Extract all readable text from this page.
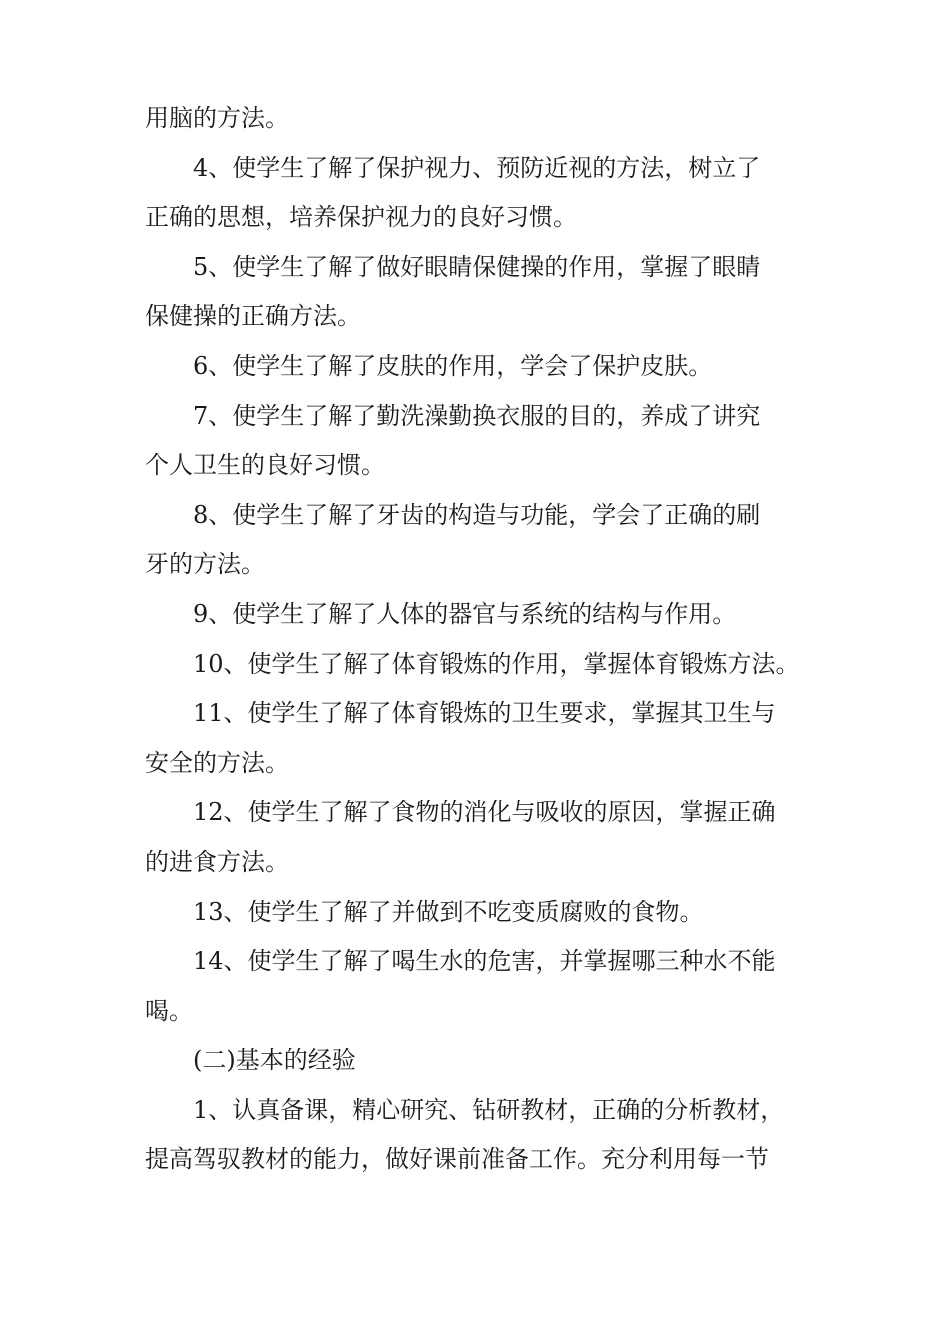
用脑的方法。
4、使学生了解了保护视力、预防近视的方法，树立了
正确的思想，培养保护视力的良好习惯。
5、使学生了解了做好眼睛保健操的作用，掌握了眼睛
保健操的正确方法。
6、使学生了解了皮肤的作用，学会了保护皮肤。
7、使学生了解了勤洗澡勤换衣服的目的，养成了讲究
个人卫生的良好习惯。
8、使学生了解了牙齿的构造与功能，学会了正确的刷
牙的方法。
9、使学生了解了人体的器官与系统的结构与作用。
10、使学生了解了体育锻炼的作用，掌握体育锻炼方法。
11、使学生了解了体育锻炼的卫生要求，掌握其卫生与
安全的方法。
12、使学生了解了食物的消化与吸收的原因，掌握正确
的进食方法。
13、使学生了解了并做到不吃变质腐败的食物。
14、使学生了解了喝生水的危害，并掌握哪三种水不能
喝。
(二)基本的经验
1、认真备课，精心研究、钻研教材，正确的分析教材，
提高驾驭教材的能力，做好课前准备工作。充分利用每一节
